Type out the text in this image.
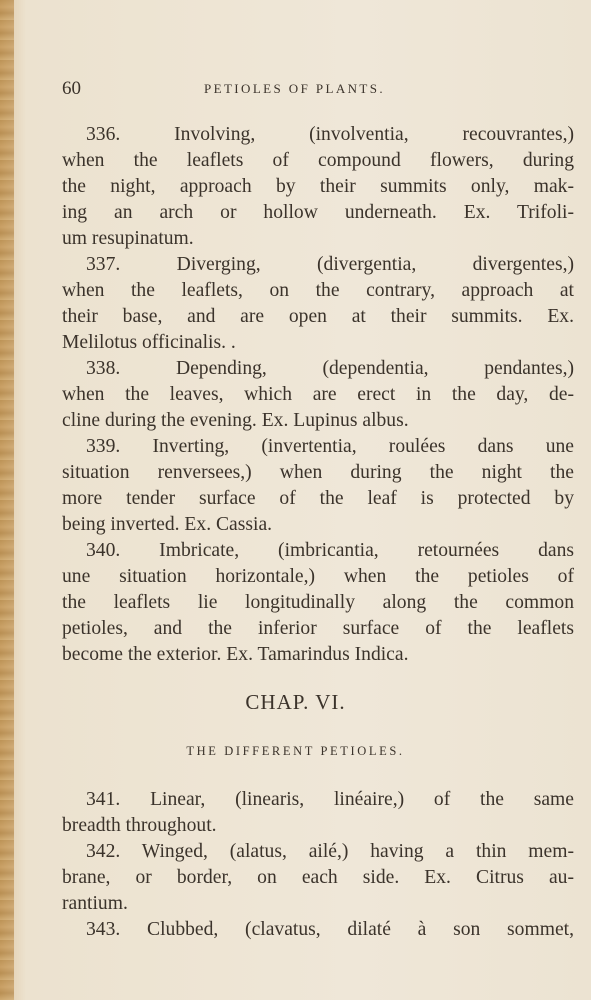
60	PETIOLES OF PLANTS.
336. Involving, (involventia, recouvrantes,)
when the leaflets of compound flowers, during
the night, approach by their summits only, mak-
ing an arch or hollow underneath. Ex. Trifoli-
um resupinatum.
337. Diverging, (divergentia, divergentes,)
when the leaflets, on the contrary, approach at
their base, and are open at their summits. Ex.
Melilotus officinalis. .
338. Depending, (dependentia, pendantes,)
when the leaves, which are erect in the day, de-
cline during the evening. Ex. Lupinus albus.
339. Inverting, (invertentia, roulées dans une
situation renversees,) when during the night the
more tender surface of the leaf is protected by
being inverted. Ex. Cassia.
340. Imbricate, (imbricantia, retournées dans
une situation horizontale,) when the petioles of
the leaflets lie longitudinally along the common
petioles, and the inferior surface of the leaflets
become the exterior. Ex. Tamarindus Indica.
CHAP. VI.
THE DIFFERENT PETIOLES.
341. Linear, (linearis, linéaire,) of the same
breadth throughout.
342. Winged, (alatus, ailé,) having a thin mem-
brane, or border, on each side. Ex. Citrus au-
rantium.
343. Clubbed, (clavatus, dilaté à son sommet,
